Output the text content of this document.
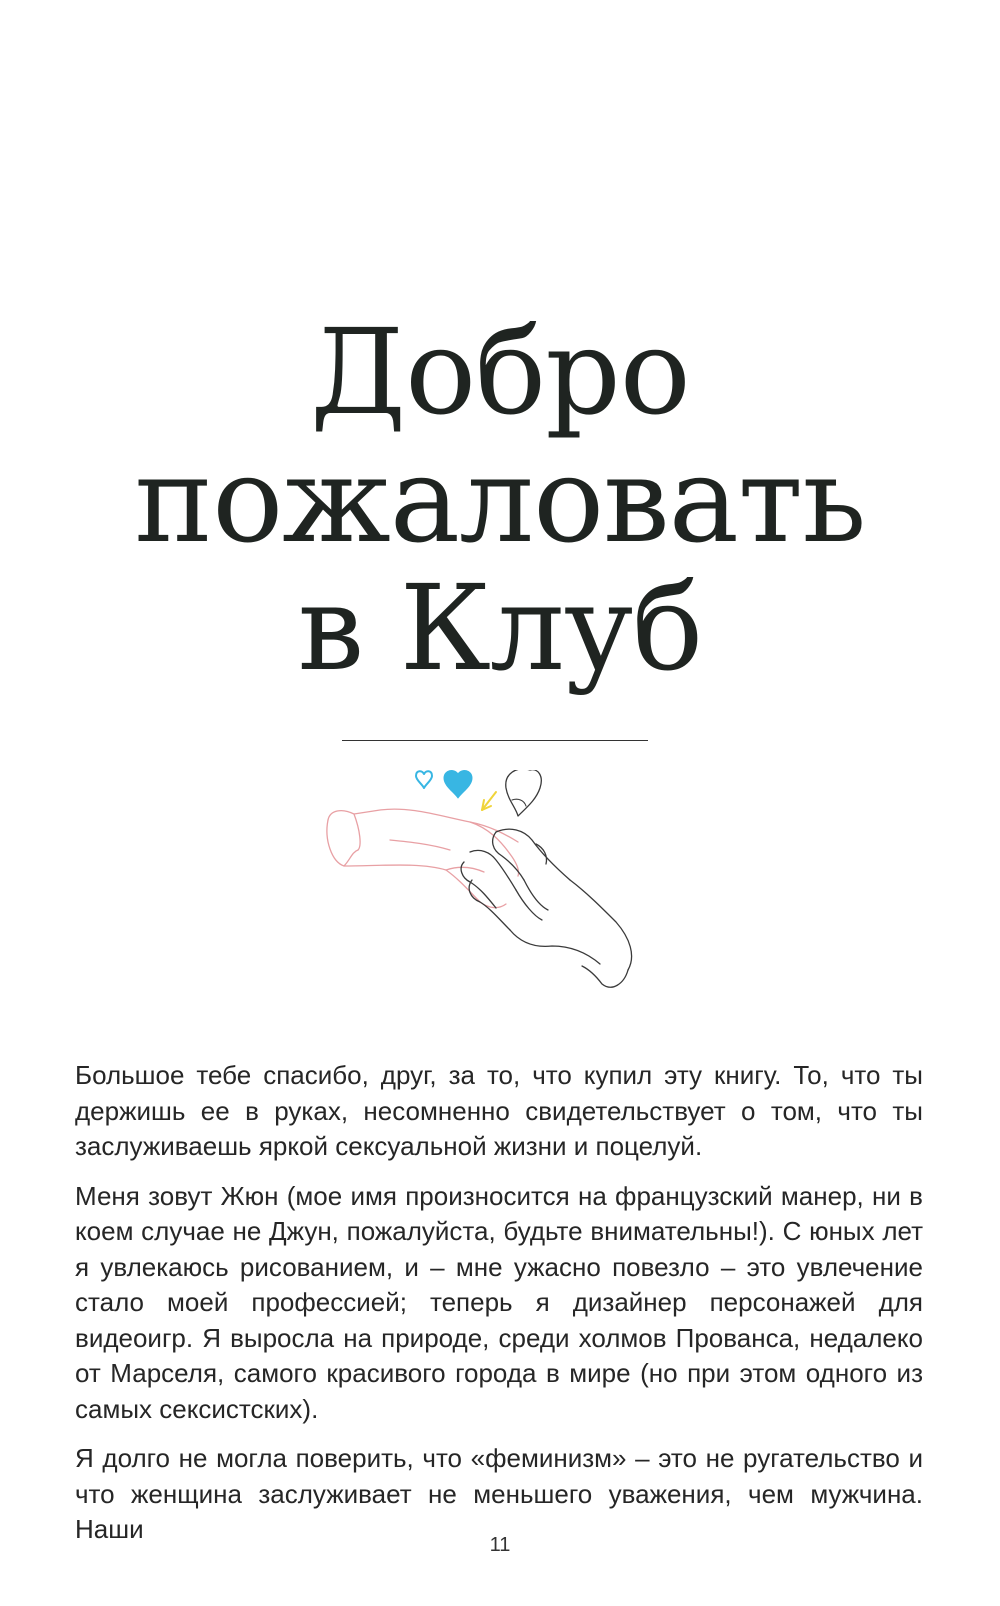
Добро
пожаловать
в Клуб

Большое тебе спасибо, друг, за то, что купил эту книгу. То, что ты держишь ее в руках, несомненно свидетельствует о том, что ты заслуживаешь яркой сексуальной жизни и поцелуй.

Меня зовут Жюн (мое имя произносится на французский манер, ни в коем случае не Джун, пожалуйста, будьте внимательны!). С юных лет я увлекаюсь рисованием, и – мне ужасно повезло – это увлечение стало моей профессией; теперь я дизайнер персонажей для видеоигр. Я выросла на природе, среди холмов Прованса, недалеко от Марселя, самого красивого города в мире (но при этом одного из самых сексистских).

Я долго не могла поверить, что «феминизм» – это не ругательство и что женщина заслуживает не меньшего уважения, чем мужчина. Наши

11
